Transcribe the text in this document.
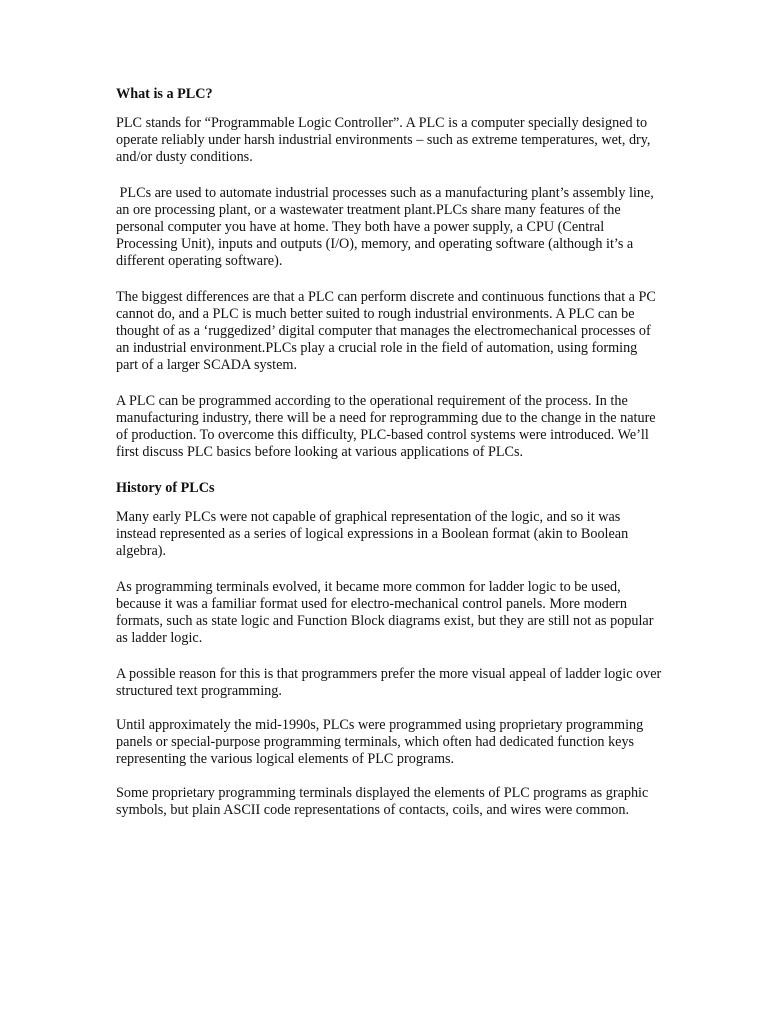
What is a PLC?

PLC stands for “Programmable Logic Controller”. A PLC is a computer specially designed to operate reliably under harsh industrial environments – such as extreme temperatures, wet, dry, and/or dusty conditions.

PLCs are used to automate industrial processes such as a manufacturing plant’s assembly line, an ore processing plant, or a wastewater treatment plant.PLCs share many features of the personal computer you have at home. They both have a power supply, a CPU (Central Processing Unit), inputs and outputs (I/O), memory, and operating software (although it’s a different operating software).

The biggest differences are that a PLC can perform discrete and continuous functions that a PC cannot do, and a PLC is much better suited to rough industrial environments. A PLC can be thought of as a ‘ruggedized’ digital computer that manages the electromechanical processes of an industrial environment.PLCs play a crucial role in the field of automation, using forming part of a larger SCADA system.

A PLC can be programmed according to the operational requirement of the process. In the manufacturing industry, there will be a need for reprogramming due to the change in the nature of production. To overcome this difficulty, PLC-based control systems were introduced. We’ll first discuss PLC basics before looking at various applications of PLCs.

History of PLCs

Many early PLCs were not capable of graphical representation of the logic, and so it was instead represented as a series of logical expressions in a Boolean format (akin to Boolean algebra).

As programming terminals evolved, it became more common for ladder logic to be used, because it was a familiar format used for electro-mechanical control panels. More modern formats, such as state logic and Function Block diagrams exist, but they are still not as popular as ladder logic.

A possible reason for this is that programmers prefer the more visual appeal of ladder logic over structured text programming.

Until approximately the mid-1990s, PLCs were programmed using proprietary programming panels or special-purpose programming terminals, which often had dedicated function keys representing the various logical elements of PLC programs.

Some proprietary programming terminals displayed the elements of PLC programs as graphic symbols, but plain ASCII code representations of contacts, coils, and wires were common.
